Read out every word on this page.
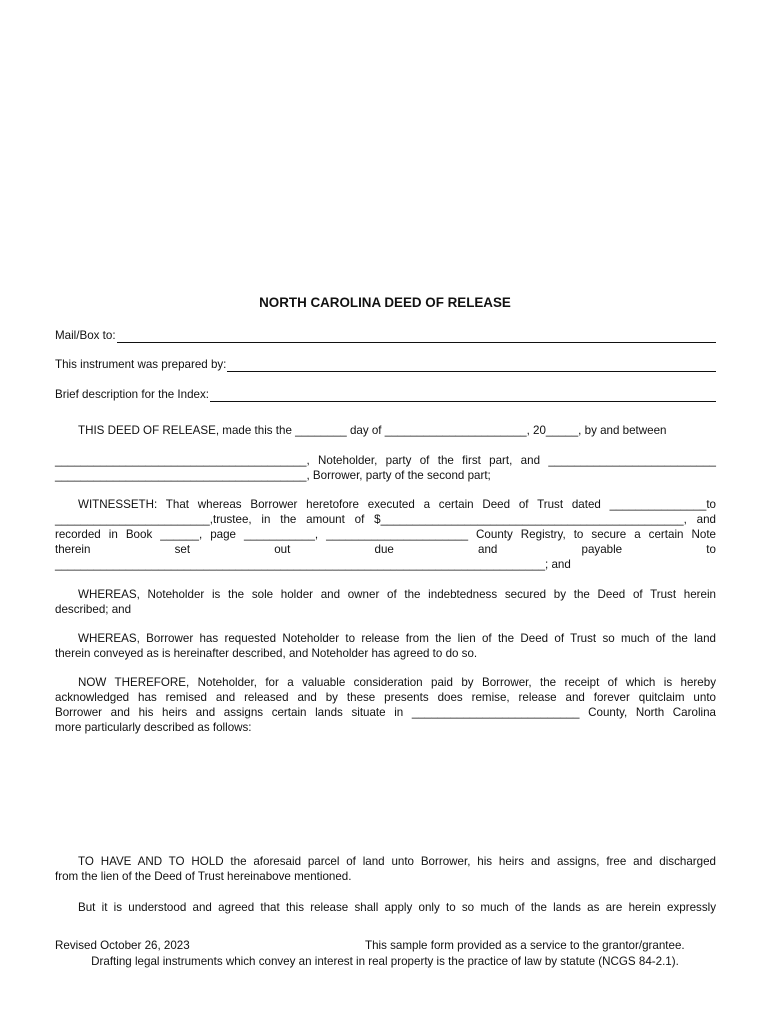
NORTH CAROLINA DEED OF RELEASE
Mail/Box to:
This instrument was prepared by:
Brief description for the Index:
THIS DEED OF RELEASE, made this the ________ day of ______________________, 20_____, by and between
_______________________________________, Noteholder, party of the first part, and __________________________
_______________________________________, Borrower, party of the second part;
WITNESSETH: That whereas Borrower heretofore executed a certain Deed of Trust dated _______________to
________________________,trustee, in the amount of $_______________________________________________, and
recorded in Book ______, page ___________, ______________________ County Registry, to secure a certain Note
therein	set	out	due	and	payable	to
____________________________________________________________________________; and
WHEREAS, Noteholder is the sole holder and owner of the indebtedness secured by the Deed of Trust herein
described; and
WHEREAS, Borrower has requested Noteholder to release from the lien of the Deed of Trust so much of the land
therein conveyed as is hereinafter described, and Noteholder has agreed to do so.
NOW THEREFORE, Noteholder, for a valuable consideration paid by Borrower, the receipt of which is hereby
acknowledged has remised and released and by these presents does remise, release and forever quitclaim unto
Borrower and his heirs and assigns certain lands situate in __________________________ County, North Carolina
more particularly described as follows:
TO HAVE AND TO HOLD the aforesaid parcel of land unto Borrower, his heirs and assigns, free and discharged
from the lien of the Deed of Trust hereinabove mentioned.
But it is understood and agreed that this release shall apply only to so much of the lands as are herein expressly
Revised October 26, 2023	This sample form provided as a service to the grantor/grantee.
Drafting legal instruments which convey an interest in real property is the practice of law by statute (NCGS 84-2.1).
